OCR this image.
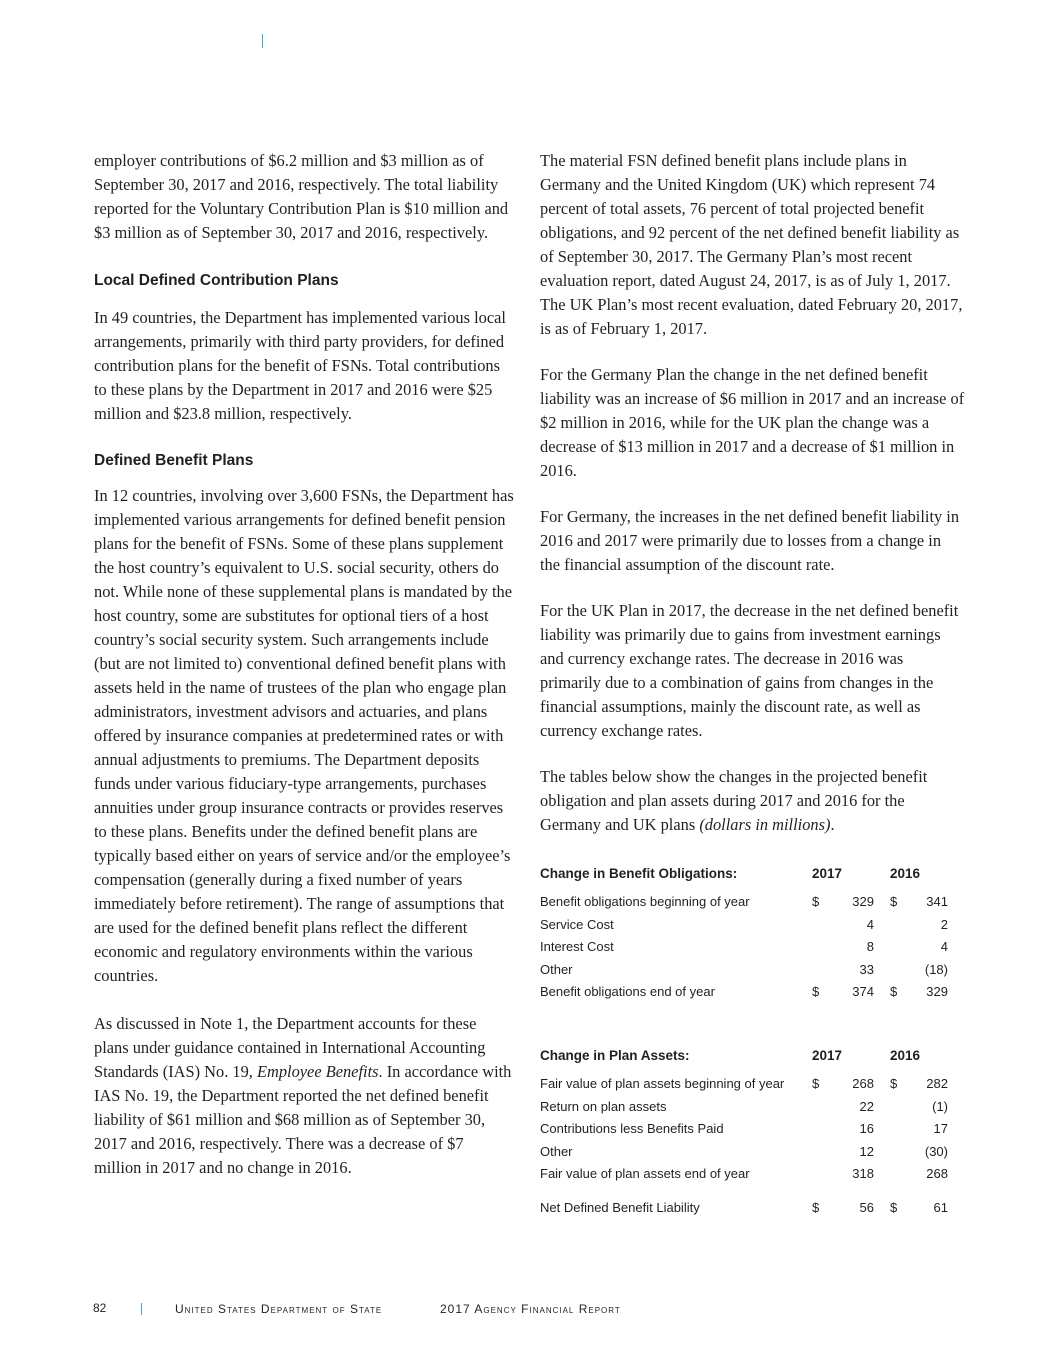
employer contributions of $6.2 million and $3 million as of September 30, 2017 and 2016, respectively. The total liability reported for the Voluntary Contribution Plan is $10 million and $3 million as of September 30, 2017 and 2016, respectively.

Local Defined Contribution Plans

In 49 countries, the Department has implemented various local arrangements, primarily with third party providers, for defined contribution plans for the benefit of FSNs. Total contributions to these plans by the Department in 2017 and 2016 were $25 million and $23.8 million, respectively.

Defined Benefit Plans

In 12 countries, involving over 3,600 FSNs, the Department has implemented various arrangements for defined benefit pension plans for the benefit of FSNs. Some of these plans supplement the host country’s equivalent to U.S. social security, others do not. While none of these supplemental plans is mandated by the host country, some are substitutes for optional tiers of a host country’s social security system. Such arrangements include (but are not limited to) conventional defined benefit plans with assets held in the name of trustees of the plan who engage plan administrators, investment advisors and actuaries, and plans offered by insurance companies at predetermined rates or with annual adjustments to premiums. The Department deposits funds under various fiduciary-type arrangements, purchases annuities under group insurance contracts or provides reserves to these plans. Benefits under the defined benefit plans are typically based either on years of service and/or the employee’s compensation (generally during a fixed number of years immediately before retirement). The range of assumptions that are used for the defined benefit plans reflect the different economic and regulatory environments within the various countries.

As discussed in Note 1, the Department accounts for these plans under guidance contained in International Accounting Standards (IAS) No. 19, Employee Benefits. In accordance with IAS No. 19, the Department reported the net defined benefit liability of $61 million and $68 million as of September 30, 2017 and 2016, respectively. There was a decrease of $7 million in 2017 and no change in 2016.

The material FSN defined benefit plans include plans in Germany and the United Kingdom (UK) which represent 74 percent of total assets, 76 percent of total projected benefit obligations, and 92 percent of the net defined benefit liability as of September 30, 2017. The Germany Plan’s most recent evaluation report, dated August 24, 2017, is as of July 1, 2017. The UK Plan’s most recent evaluation, dated February 20, 2017, is as of February 1, 2017.

For the Germany Plan the change in the net defined benefit liability was an increase of $6 million in 2017 and an increase of $2 million in 2016, while for the UK plan the change was a decrease of $13 million in 2017 and a decrease of $1 million in 2016.

For Germany, the increases in the net defined benefit liability in 2016 and 2017 were primarily due to losses from a change in the financial assumption of the discount rate.

For the UK Plan in 2017, the decrease in the net defined benefit liability was primarily due to gains from investment earnings and currency exchange rates. The decrease in 2016 was primarily due to a combination of gains from changes in the financial assumptions, mainly the discount rate, as well as currency exchange rates.

The tables below show the changes in the projected benefit obligation and plan assets during 2017 and 2016 for the Germany and UK plans (dollars in millions).

Change in Benefit Obligations:	2017			2016	

Benefit obligations beginning of year	$	329		$	341
Service Cost		4			2
Interest Cost		8			4
Other		33			(18)
Benefit obligations end of year	$	374		$	329
Change in Plan Assets:	2017			2016	

Fair value of plan assets beginning of year	$	268		$	282
Return on plan assets		22			(1)
Contributions less Benefits Paid		16			17
Other		12			(30)
Fair value of plan assets end of year		318			268

Net Defined Benefit Liability	$	56		$	61
82	United States Department of State	2017 Agency Financial Report
